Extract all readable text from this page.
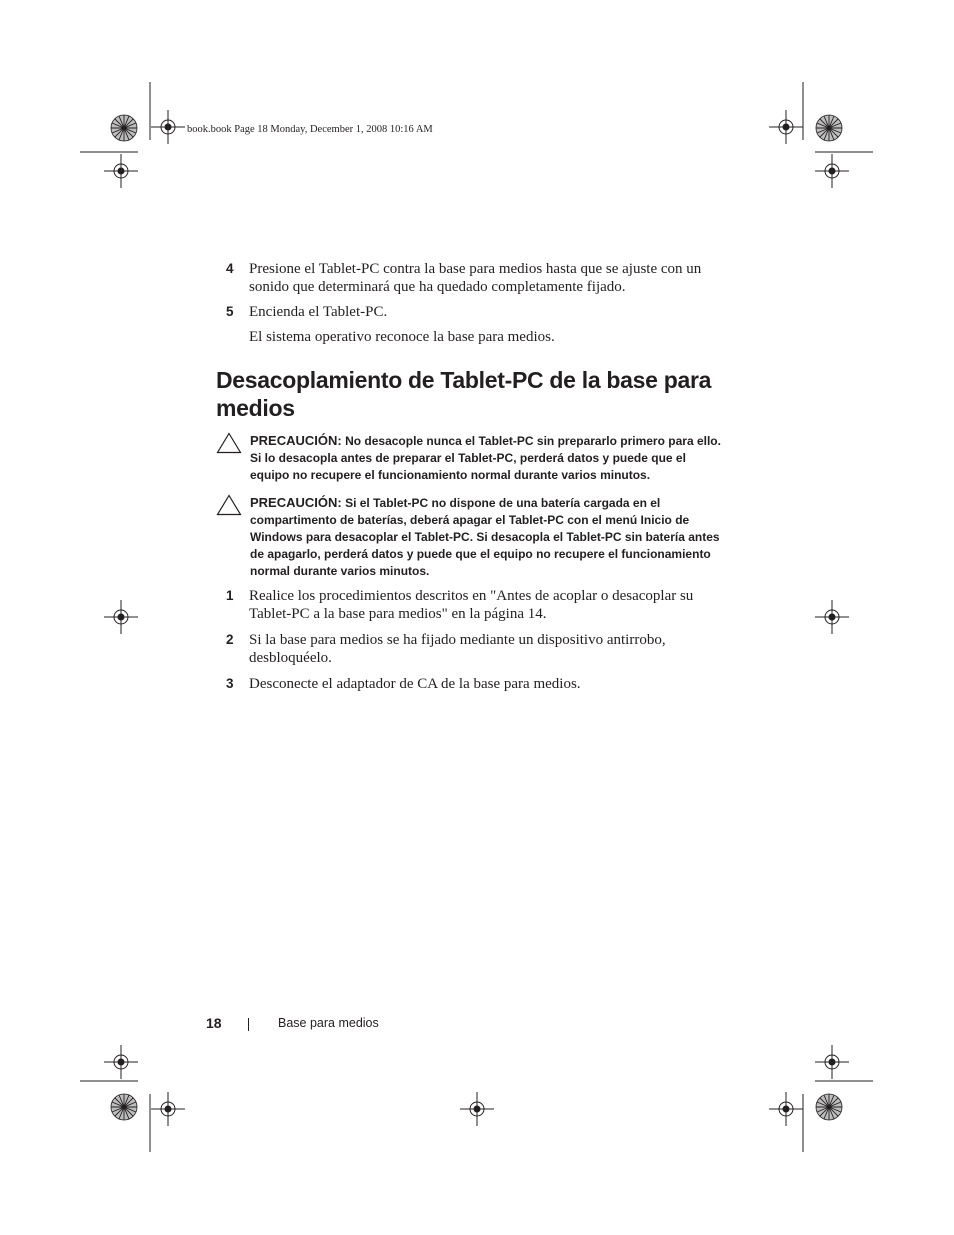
book.book Page 18 Monday, December 1, 2008 10:16 AM
4 Presione el Tablet-PC contra la base para medios hasta que se ajuste con un sonido que determinará que ha quedado completamente fijado.
5 Encienda el Tablet-PC.
El sistema operativo reconoce la base para medios.
Desacoplamiento de Tablet-PC de la base para medios
PRECAUCIÓN: No desacople nunca el Tablet-PC sin prepararlo primero para ello. Si lo desacopla antes de preparar el Tablet-PC, perderá datos y puede que el equipo no recupere el funcionamiento normal durante varios minutos.
PRECAUCIÓN: Si el Tablet-PC no dispone de una batería cargada en el compartimento de baterías, deberá apagar el Tablet-PC con el menú Inicio de Windows para desacoplar el Tablet-PC. Si desacopla el Tablet-PC sin batería antes de apagarlo, perderá datos y puede que el equipo no recupere el funcionamiento normal durante varios minutos.
1 Realice los procedimientos descritos en "Antes de acoplar o desacoplar su Tablet-PC a la base para medios" en la página 14.
2 Si la base para medios se ha fijado mediante un dispositivo antirrobo, desbloquéelo.
3 Desconecte el adaptador de CA de la base para medios.
18	Base para medios
